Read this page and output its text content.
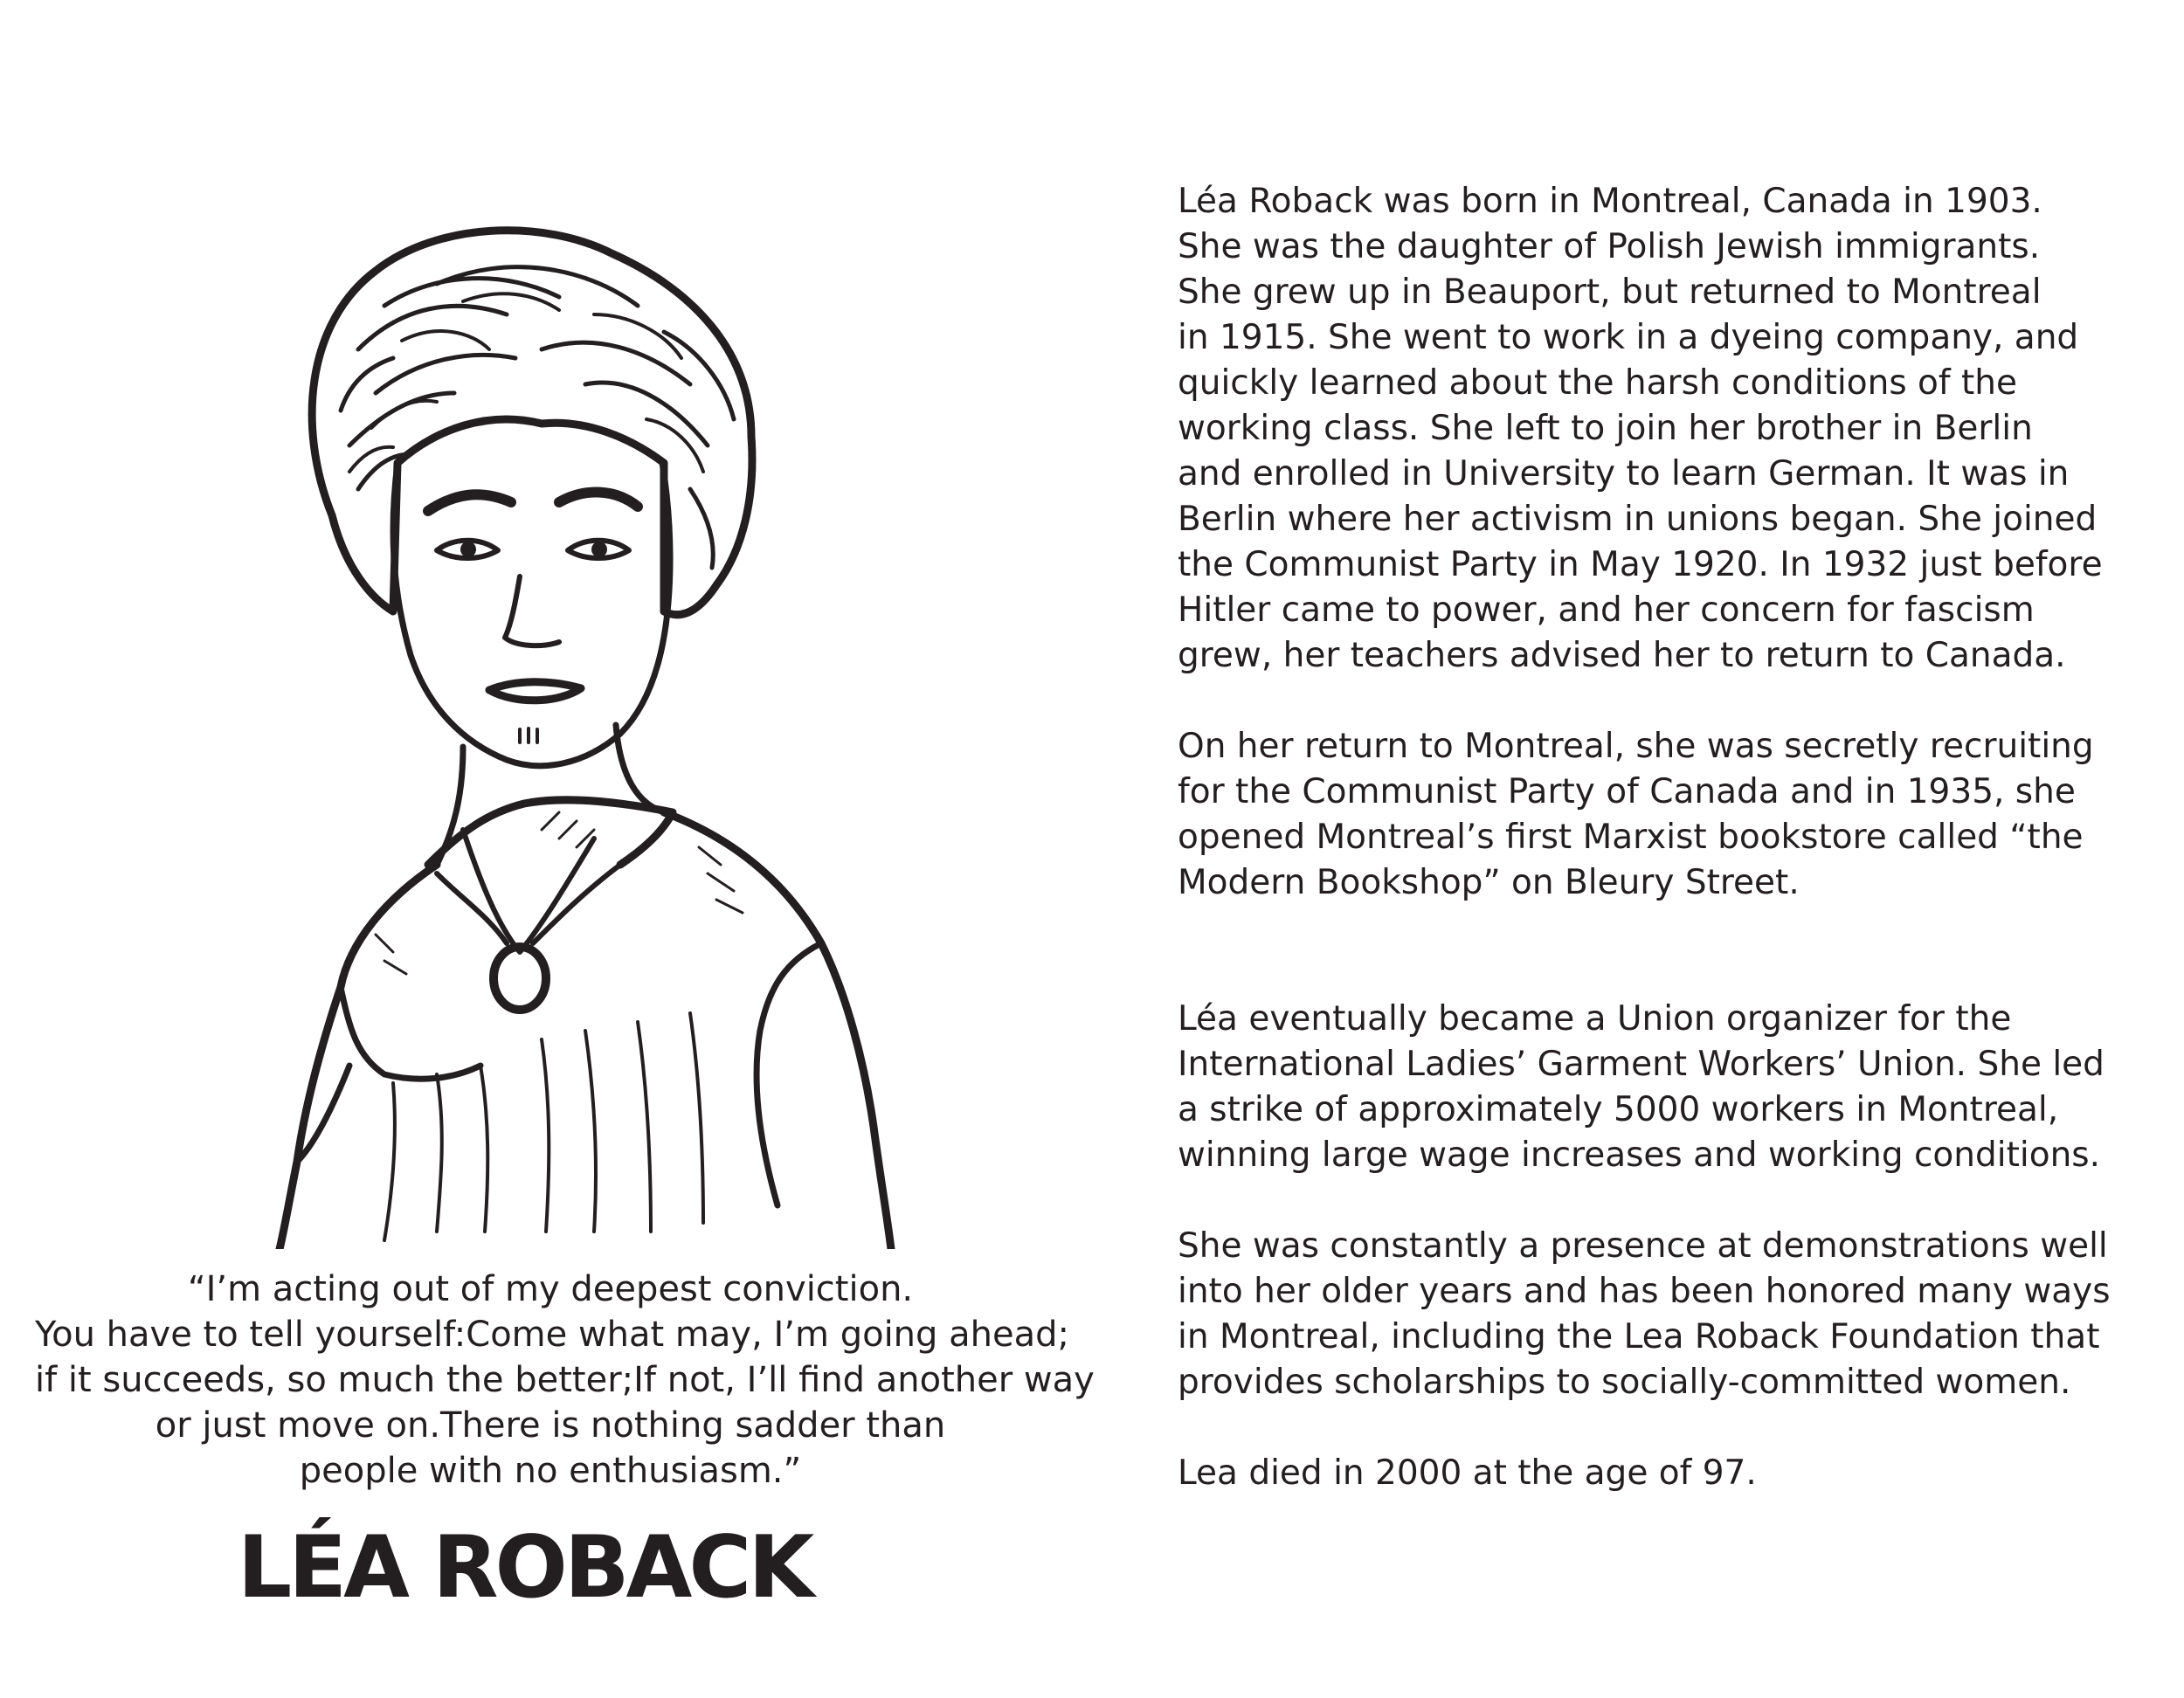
“I’m acting out of my deepest conviction.
You have to tell yourself:Come what may, I’m going ahead;
if it succeeds, so much the better;If not, I’ll find another way
or just move on.There is nothing sadder than
people with no enthusiasm.”
LÉA ROBACK
Léa Roback was born in Montreal, Canada in 1903.
She was the daughter of Polish Jewish immigrants.
She grew up in Beauport, but returned to Montreal
in 1915. She went to work in a dyeing company, and
quickly learned about the harsh conditions of the
working class. She left to join her brother in Berlin
and enrolled in University to learn German. It was in
Berlin where her activism in unions began. She joined
the Communist Party in May 1920. In 1932 just before
Hitler came to power, and her concern for fascism
grew, her teachers advised her to return to Canada.
On her return to Montreal, she was secretly recruiting
for the Communist Party of Canada and in 1935, she
opened Montreal’s first Marxist bookstore called “the
Modern Bookshop” on Bleury Street.
Léa eventually became a Union organizer for the
International Ladies’ Garment Workers’ Union. She led
a strike of approximately 5000 workers in Montreal,
winning large wage increases and working conditions.
She was constantly a presence at demonstrations well
into her older years and has been honored many ways
in Montreal, including the Lea Roback Foundation that
provides scholarships to socially-committed women.
Lea died in 2000 at the age of 97.
